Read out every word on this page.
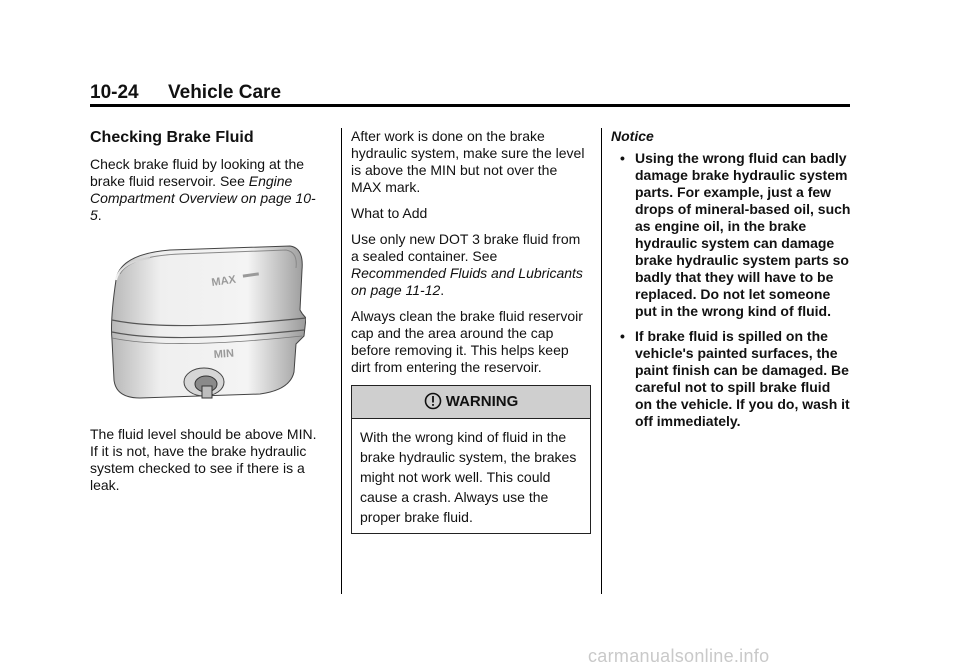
10-24 Vehicle Care
Checking Brake Fluid

Check brake fluid by looking at the brake fluid reservoir. See Engine Compartment Overview on page 10-5.

MAX
MIN

The fluid level should be above MIN. If it is not, have the brake hydraulic system checked to see if there is a leak.

After work is done on the brake hydraulic system, make sure the level is above the MIN but not over the MAX mark.

What to Add

Use only new DOT 3 brake fluid from a sealed container. See Recommended Fluids and Lubricants on page 11-12.

Always clean the brake fluid reservoir cap and the area around the cap before removing it. This helps keep dirt from entering the reservoir.

WARNING
With the wrong kind of fluid in the brake hydraulic system, the brakes might not work well. This could cause a crash. Always use the proper brake fluid.
Notice
• Using the wrong fluid can badly damage brake hydraulic system parts. For example, just a few drops of mineral-based oil, such as engine oil, in the brake hydraulic system can damage brake hydraulic system parts so badly that they will have to be replaced. Do not let someone put in the wrong kind of fluid.
• If brake fluid is spilled on the vehicle's painted surfaces, the paint finish can be damaged. Be careful not to spill brake fluid on the vehicle. If you do, wash it off immediately.
carmanualsonline.info
